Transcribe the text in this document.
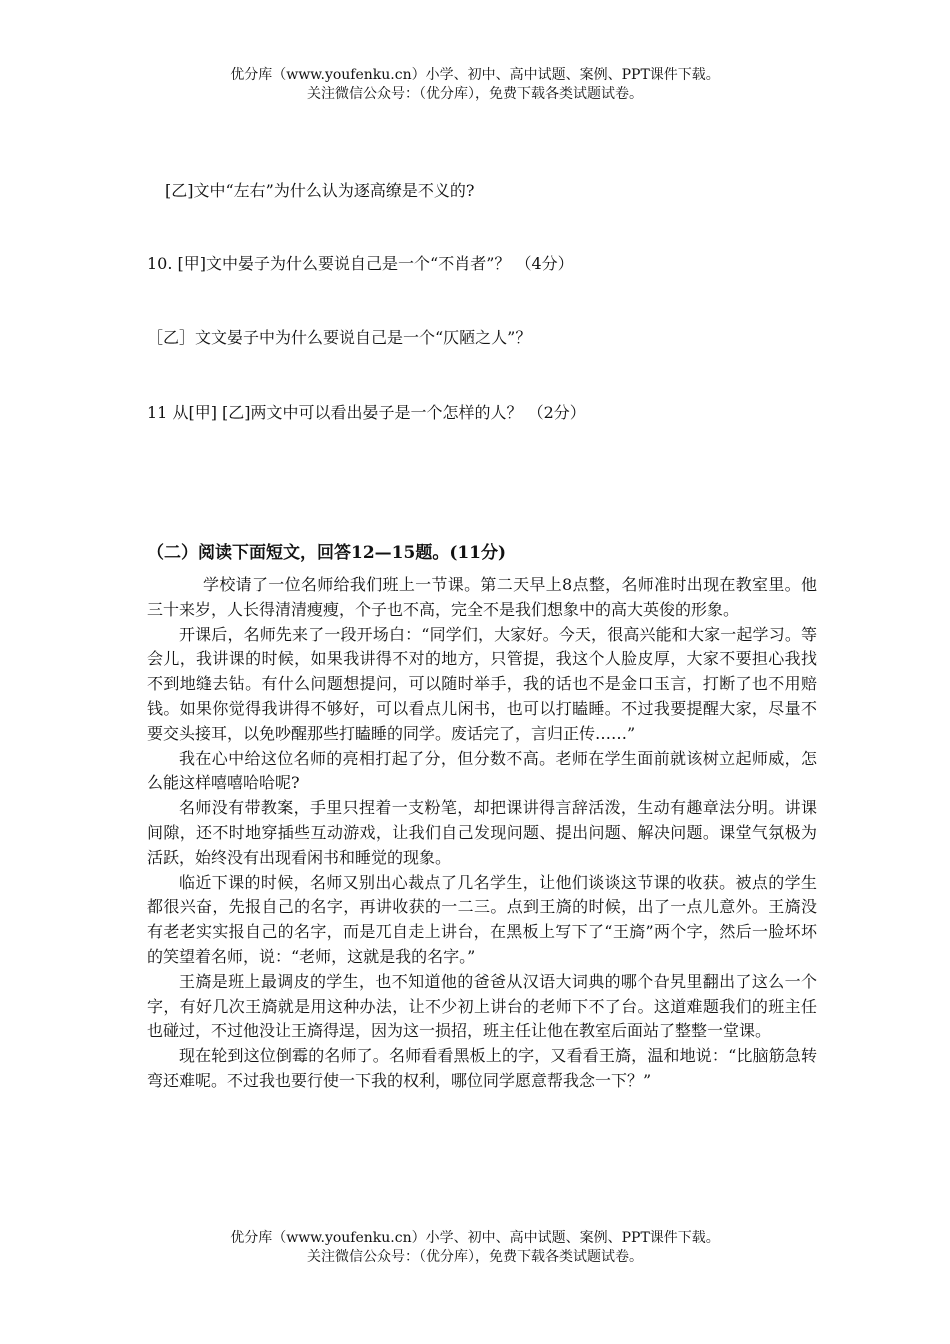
优分库（www.youfenku.cn）小学、初中、高中试题、案例、PPT课件下载。
关注微信公众号：（优分库），免费下载各类试题试卷。
[乙]文中“左右”为什么认为逐高缭是不义的?
10. [甲]文中晏子为什么要说自己是一个“不肖者”？ （4分）
［乙］文文晏子中为什么要说自己是一个“仄陋之人”？
11 从[甲] [乙]两文中可以看出晏子是一个怎样的人？ （2分）
（二）阅读下面短文，回答12—15题。(11分)

学校请了一位名师给我们班上一节课。第二天早上8点整，名师准时出现在教室里。他三十来岁，人长得清清瘦瘦，个子也不高，完全不是我们想象中的高大英俊的形象。

开课后，名师先来了一段开场白：“同学们，大家好。今天，很高兴能和大家一起学习。等会儿，我讲课的时候，如果我讲得不对的地方，只管提，我这个人脸皮厚，大家不要担心我找不到地缝去钻。有什么问题想提问，可以随时举手，我的话也不是金口玉言，打断了也不用赔钱。如果你觉得我讲得不够好，可以看点儿闲书，也可以打瞌睡。不过我要提醒大家，尽量不要交头接耳，以免吵醒那些打瞌睡的同学。废话完了，言归正传……”

我在心中给这位名师的亮相打起了分，但分数不高。老师在学生面前就该树立起师威，怎么能这样嘻嘻哈哈呢?

名师没有带教案，手里只捏着一支粉笔，却把课讲得言辞活泼，生动有趣章法分明。讲课间隙，还不时地穿插些互动游戏，让我们自己发现问题、提出问题、解决问题。课堂气氛极为活跃，始终没有出现看闲书和睡觉的现象。

临近下课的时候，名师又别出心裁点了几名学生，让他们谈谈这节课的收获。被点的学生都很兴奋，先报自己的名字，再讲收获的一二三。点到王旖的时候，出了一点儿意外。王旖没有老老实实报自己的名字，而是兀自走上讲台，在黑板上写下了“王旖”两个字，然后一脸坏坏的笑望着名师，说：“老师，这就是我的名字。”

王旖是班上最调皮的学生，也不知道他的爸爸从汉语大词典的哪个旮旯里翻出了这么一个字，有好几次王旖就是用这种办法，让不少初上讲台的老师下不了台。这道难题我们的班主任也碰过，不过他没让王旖得逞，因为这一损招，班主任让他在教室后面站了整整一堂课。

现在轮到这位倒霉的名师了。名师看看黑板上的字，又看看王旖，温和地说：“比脑筋急转弯还难呢。不过我也要行使一下我的权利，哪位同学愿意帮我念一下？”

优分库（www.youfenku.cn）小学、初中、高中试题、案例、PPT课件下载。
关注微信公众号：（优分库），免费下载各类试题试卷。
